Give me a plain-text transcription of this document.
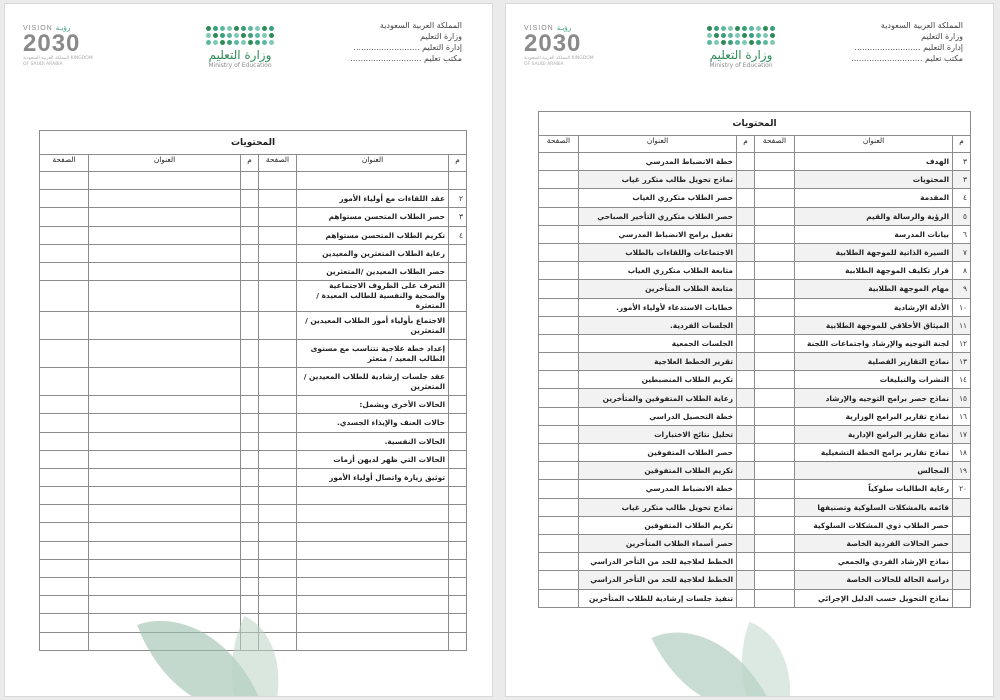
المملكة العربية السعودية
وزارة التعليم
إدارة التعليم ..........................
مكتب تعليم ............................
وزارة التعليم
Ministry of Education
VISION رؤيـة
2030
المملكة العربية السعودية KINGDOM OF SAUDI ARABIA
المحتويات					
م	العنوان	الصفحة	م	العنوان	الصفحة

٢	عقد اللقاءات مع أولياء الأمور				
٣	حصر الطلاب المتحسن مستواهم				
٤	تكريم الطلاب المتحسن مستواهم				
	رعاية الطلاب المتعثرين والمعيدين				
	حصر الطلاب المعيدين /المتعثرين				
	التعرف على الظروف الاجتماعية والصحية والنفسية للطالب المعيدة /المتعثرة				
	الاجتماع بأولياء أمور الطلاب المعيدين / المتعثرين				
	إعداد خطة علاجية تتناسب مع مستوى الطالب المعيد / متعثر				
	عقد جلسات إرشادية للطلاب المعيدين / المتعثرين				
	الحالات الأخرى ويشمل:				
	حالات العنف والإيذاء الجسدي.				
	الحالات النفسية.				
	الحالات التي ظهر لديهن أزمات				
	توثيق زيارة واتصال أولياء الأمور				

المملكة العربية السعودية
وزارة التعليم
إدارة التعليم ..........................
مكتب تعليم ............................
وزارة التعليم
Ministry of Education
VISION رؤيـة
2030
المملكة العربية السعودية KINGDOM OF SAUDI ARABIA
المحتويات					
م	العنوان	الصفحة	م	العنوان	الصفحة
٣	الهدف			خطة الانضباط المدرسي	
٣	المحتويات			نماذج تحويل طالب متكرر غياب	
٤	المقدمة			حصر الطلاب متكرري الغياب	
٥	الرؤية والرسالة والقيم			حصر الطلاب متكرري التأخير الصباحي	
٦	بيانات المدرسة			تفعيل برامج الانضباط المدرسي	
٧	السيرة الذاتية للموجهة الطلابية			الاجتماعات واللقاءات بالطلاب	
٨	قرار تكليف الموجهة الطلابية			متابعة الطلاب متكرري الغياب	
٩	مهام الموجهة الطلابية			متابعة الطلاب المتأخرين	
١٠	الأدلة الإرشادية			خطابات الاستدعاء لأولياء الأمور.	
١١	الميثاق الأخلاقي للموجهة الطلابية			الجلسات الفردية.	
١٢	لجنة التوجيه والإرشاد واجتماعات اللجنة			الجلسات الجمعية	
١٣	نماذج التقارير الفصلية			تقرير الخطط العلاجية	
١٤	النشرات والتبليغات			تكريم الطلاب المنضبطين	
١٥	نماذج حصر برامج التوجيه والإرشاد			رعاية الطلاب المتفوقين والمتأخرين	
١٦	نماذج تقارير البرامج الوزارية			خطة التحصيل الدراسي	
١٧	نماذج تقارير البرامج الإدارية			تحليل نتائج الاختبارات	
١٨	نماذج تقارير برامج الخطة التشغيلية			حصر الطلاب المتفوقين	
١٩	المجالس			تكريم الطلاب المتفوقين	
٢٠	رعاية الطالبات سلوكياً			خطة الانضباط المدرسي	
	قائمه بالمشكلات السلوكية وتصنيفها			نماذج تحويل طالب متكرر غياب	
	حصر الطلاب ذوي المشكلات السلوكية			تكريم الطلاب المتفوقين	
	حصر الحالات الفردية الخاصة			حصر أسماء الطلاب المتأخرين	
	نماذج الإرشاد الفردي والجمعي			الخطط لعلاجية للحد من التأخر الدراسي	
	دراسة الحالة للحالات الخاصة			الخطط لعلاجية للحد من التأخر الدراسي	
	نماذج التحويل حسب الدليل الإجرائي			تنفيذ جلسات إرشادية للطلاب المتأخرين	
